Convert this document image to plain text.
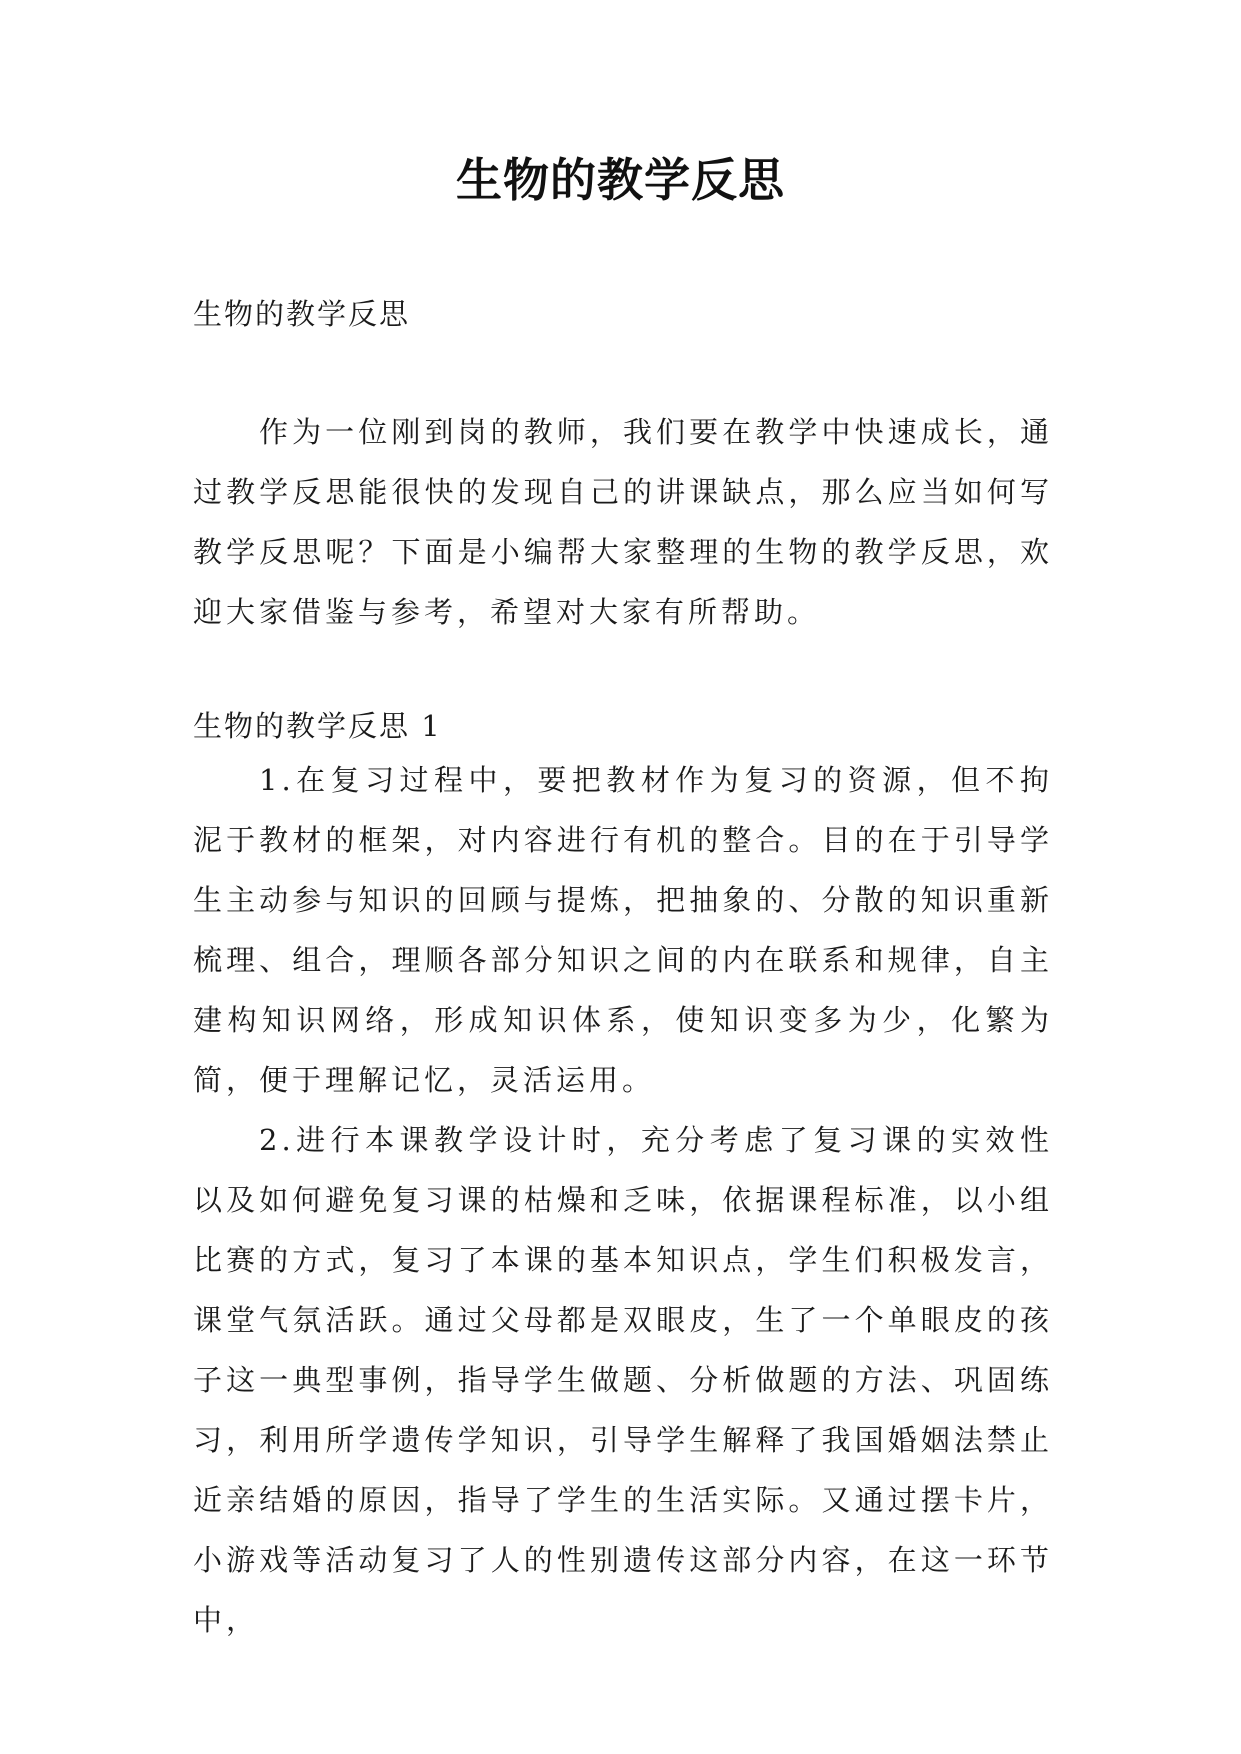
生物的教学反思
生物的教学反思

作为一位刚到岗的教师，我们要在教学中快速成长，通过教学反思能很快的发现自己的讲课缺点，那么应当如何写教学反思呢？下面是小编帮大家整理的生物的教学反思，欢迎大家借鉴与参考，希望对大家有所帮助。

生物的教学反思 1

1.在复习过程中，要把教材作为复习的资源，但不拘泥于教材的框架，对内容进行有机的整合。目的在于引导学生主动参与知识的回顾与提炼，把抽象的、分散的知识重新梳理、组合，理顺各部分知识之间的内在联系和规律，自主建构知识网络，形成知识体系，使知识变多为少，化繁为简，便于理解记忆，灵活运用。

2.进行本课教学设计时，充分考虑了复习课的实效性以及如何避免复习课的枯燥和乏味，依据课程标准，以小组比赛的方式，复习了本课的基本知识点，学生们积极发言，课堂气氛活跃。通过父母都是双眼皮，生了一个单眼皮的孩子这一典型事例，指导学生做题、分析做题的方法、巩固练习，利用所学遗传学知识，引导学生解释了我国婚姻法禁止近亲结婚的原因，指导了学生的生活实际。又通过摆卡片，小游戏等活动复习了人的性别遗传这部分内容，在这一环节中，
